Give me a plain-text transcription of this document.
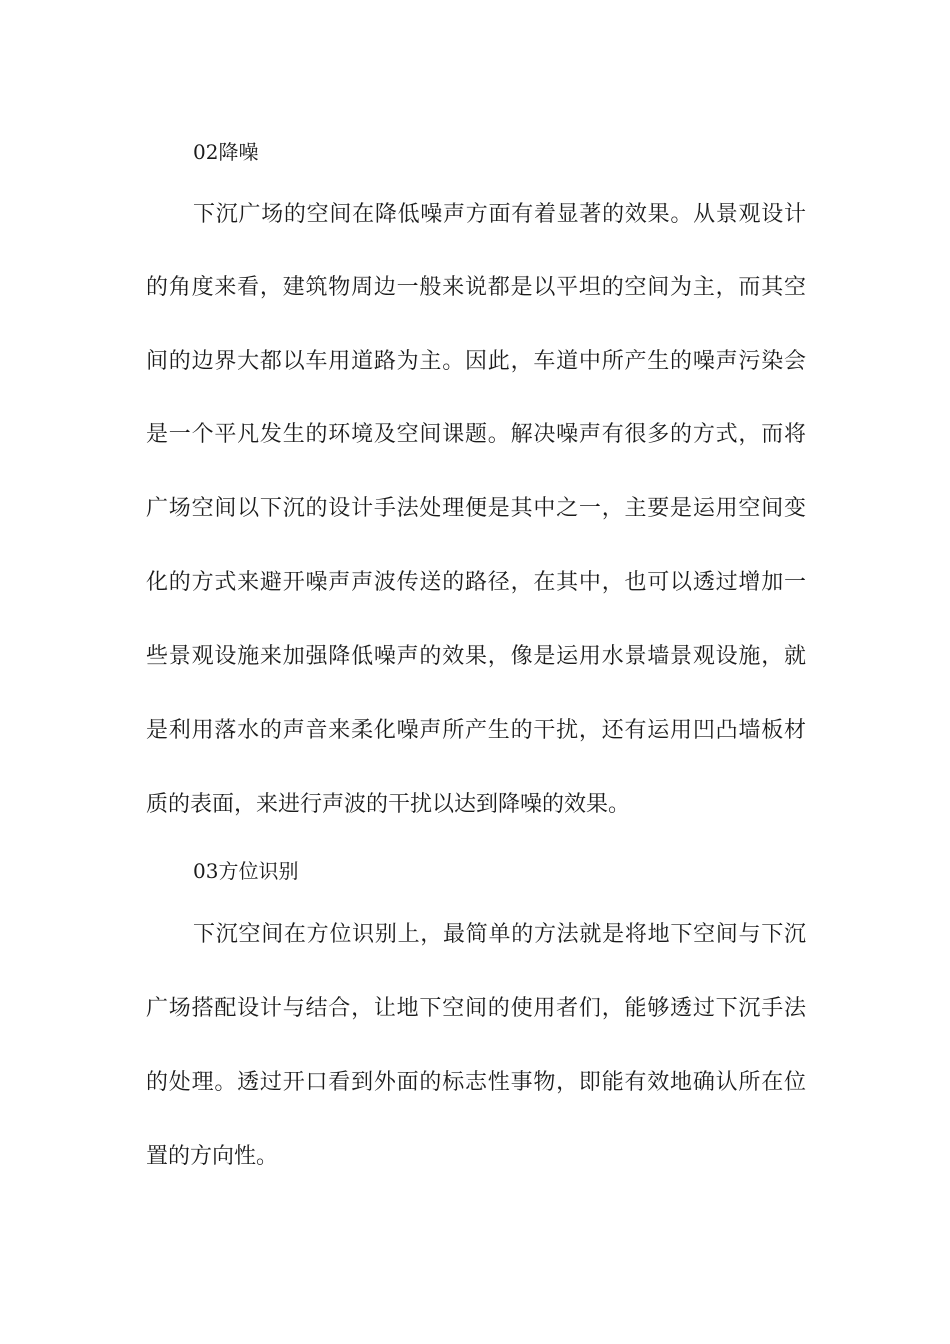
02降噪
下沉广场的空间在降低噪声方面有着显著的效果。从景观设计
的角度来看，建筑物周边一般来说都是以平坦的空间为主，而其空
间的边界大都以车用道路为主。因此，车道中所产生的噪声污染会
是一个平凡发生的环境及空间课题。解决噪声有很多的方式，而将
广场空间以下沉的设计手法处理便是其中之一，主要是运用空间变
化的方式来避开噪声声波传送的路径，在其中，也可以透过增加一
些景观设施来加强降低噪声的效果，像是运用水景墙景观设施，就
是利用落水的声音来柔化噪声所产生的干扰，还有运用凹凸墙板材
质的表面，来进行声波的干扰以达到降噪的效果。
03方位识别
下沉空间在方位识别上，最简单的方法就是将地下空间与下沉
广场搭配设计与结合，让地下空间的使用者们，能够透过下沉手法
的处理。透过开口看到外面的标志性事物，即能有效地确认所在位
置的方向性。
